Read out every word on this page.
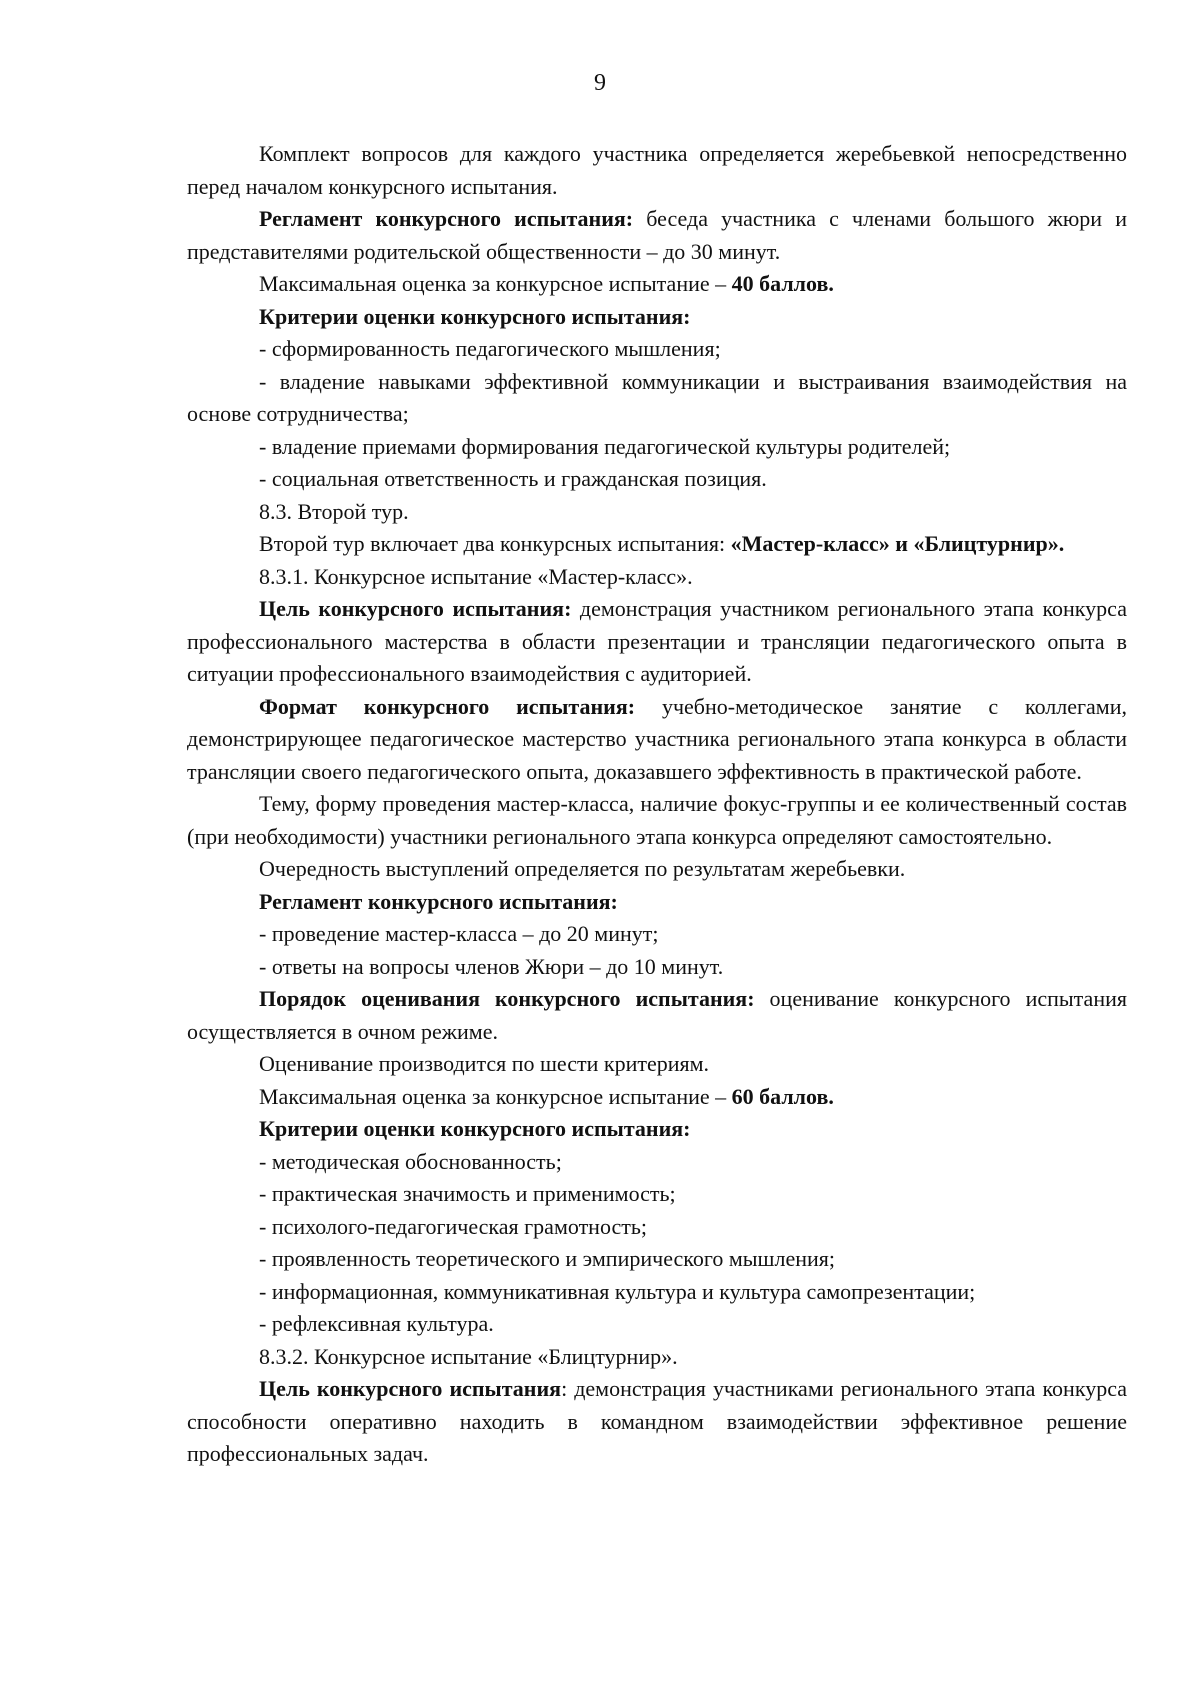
9

Комплект вопросов для каждого участника определяется жеребьевкой непосредственно перед началом конкурсного испытания.

Регламент конкурсного испытания: беседа участника с членами большого жюри и представителями родительской общественности – до 30 минут.

Максимальная оценка за конкурсное испытание – 40 баллов.

Критерии оценки конкурсного испытания:

- сформированность педагогического мышления;

- владение навыками эффективной коммуникации и выстраивания взаимодействия на основе сотрудничества;

- владение приемами формирования педагогической культуры родителей;

- социальная ответственность и гражданская позиция.

8.3. Второй тур.

Второй тур включает два конкурсных испытания: «Мастер-класс» и «Блицтурнир».

8.3.1. Конкурсное испытание «Мастер-класс».

Цель конкурсного испытания: демонстрация участником регионального этапа конкурса профессионального мастерства в области презентации и трансляции педагогического опыта в ситуации профессионального взаимодействия с аудиторией.

Формат конкурсного испытания: учебно-методическое занятие с коллегами, демонстрирующее педагогическое мастерство участника регионального этапа конкурса в области трансляции своего педагогического опыта, доказавшего эффективность в практической работе.

Тему, форму проведения мастер-класса, наличие фокус-группы и ее количественный состав (при необходимости) участники регионального этапа конкурса определяют самостоятельно.

Очередность выступлений определяется по результатам жеребьевки.

Регламент конкурсного испытания:

- проведение мастер-класса – до 20 минут;

- ответы на вопросы членов Жюри – до 10 минут.

Порядок оценивания конкурсного испытания: оценивание конкурсного испытания осуществляется в очном режиме.

Оценивание производится по шести критериям.

Максимальная оценка за конкурсное испытание – 60 баллов.

Критерии оценки конкурсного испытания:

- методическая обоснованность;

- практическая значимость и применимость;

- психолого-педагогическая грамотность;

- проявленность теоретического и эмпирического мышления;

- информационная, коммуникативная культура и культура самопрезентации;

- рефлексивная культура.

8.3.2. Конкурсное испытание «Блицтурнир».

Цель конкурсного испытания: демонстрация участниками регионального этапа конкурса способности оперативно находить в командном взаимодействии эффективное решение профессиональных задач.
